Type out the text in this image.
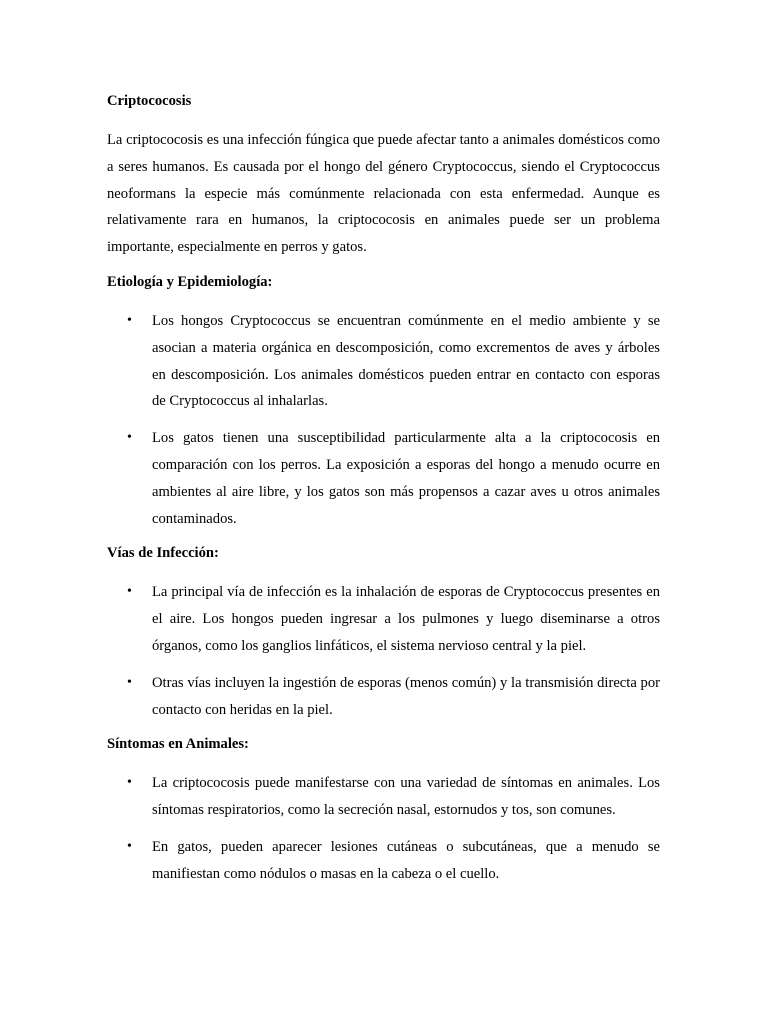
Criptococosis

La criptococosis es una infección fúngica que puede afectar tanto a animales domésticos como a seres humanos. Es causada por el hongo del género Cryptococcus, siendo el Cryptococcus neoformans la especie más comúnmente relacionada con esta enfermedad. Aunque es relativamente rara en humanos, la criptococosis en animales puede ser un problema importante, especialmente en perros y gatos.

Etiología y Epidemiología:
• Los hongos Cryptococcus se encuentran comúnmente en el medio ambiente y se asocian a materia orgánica en descomposición, como excrementos de aves y árboles en descomposición. Los animales domésticos pueden entrar en contacto con esporas de Cryptococcus al inhalarlas.
• Los gatos tienen una susceptibilidad particularmente alta a la criptococosis en comparación con los perros. La exposición a esporas del hongo a menudo ocurre en ambientes al aire libre, y los gatos son más propensos a cazar aves u otros animales contaminados.
Vías de Infección:
• La principal vía de infección es la inhalación de esporas de Cryptococcus presentes en el aire. Los hongos pueden ingresar a los pulmones y luego diseminarse a otros órganos, como los ganglios linfáticos, el sistema nervioso central y la piel.
• Otras vías incluyen la ingestión de esporas (menos común) y la transmisión directa por contacto con heridas en la piel.
Síntomas en Animales:
• La criptococosis puede manifestarse con una variedad de síntomas en animales. Los síntomas respiratorios, como la secreción nasal, estornudos y tos, son comunes.
• En gatos, pueden aparecer lesiones cutáneas o subcutáneas, que a menudo se manifiestan como nódulos o masas en la cabeza o el cuello.
